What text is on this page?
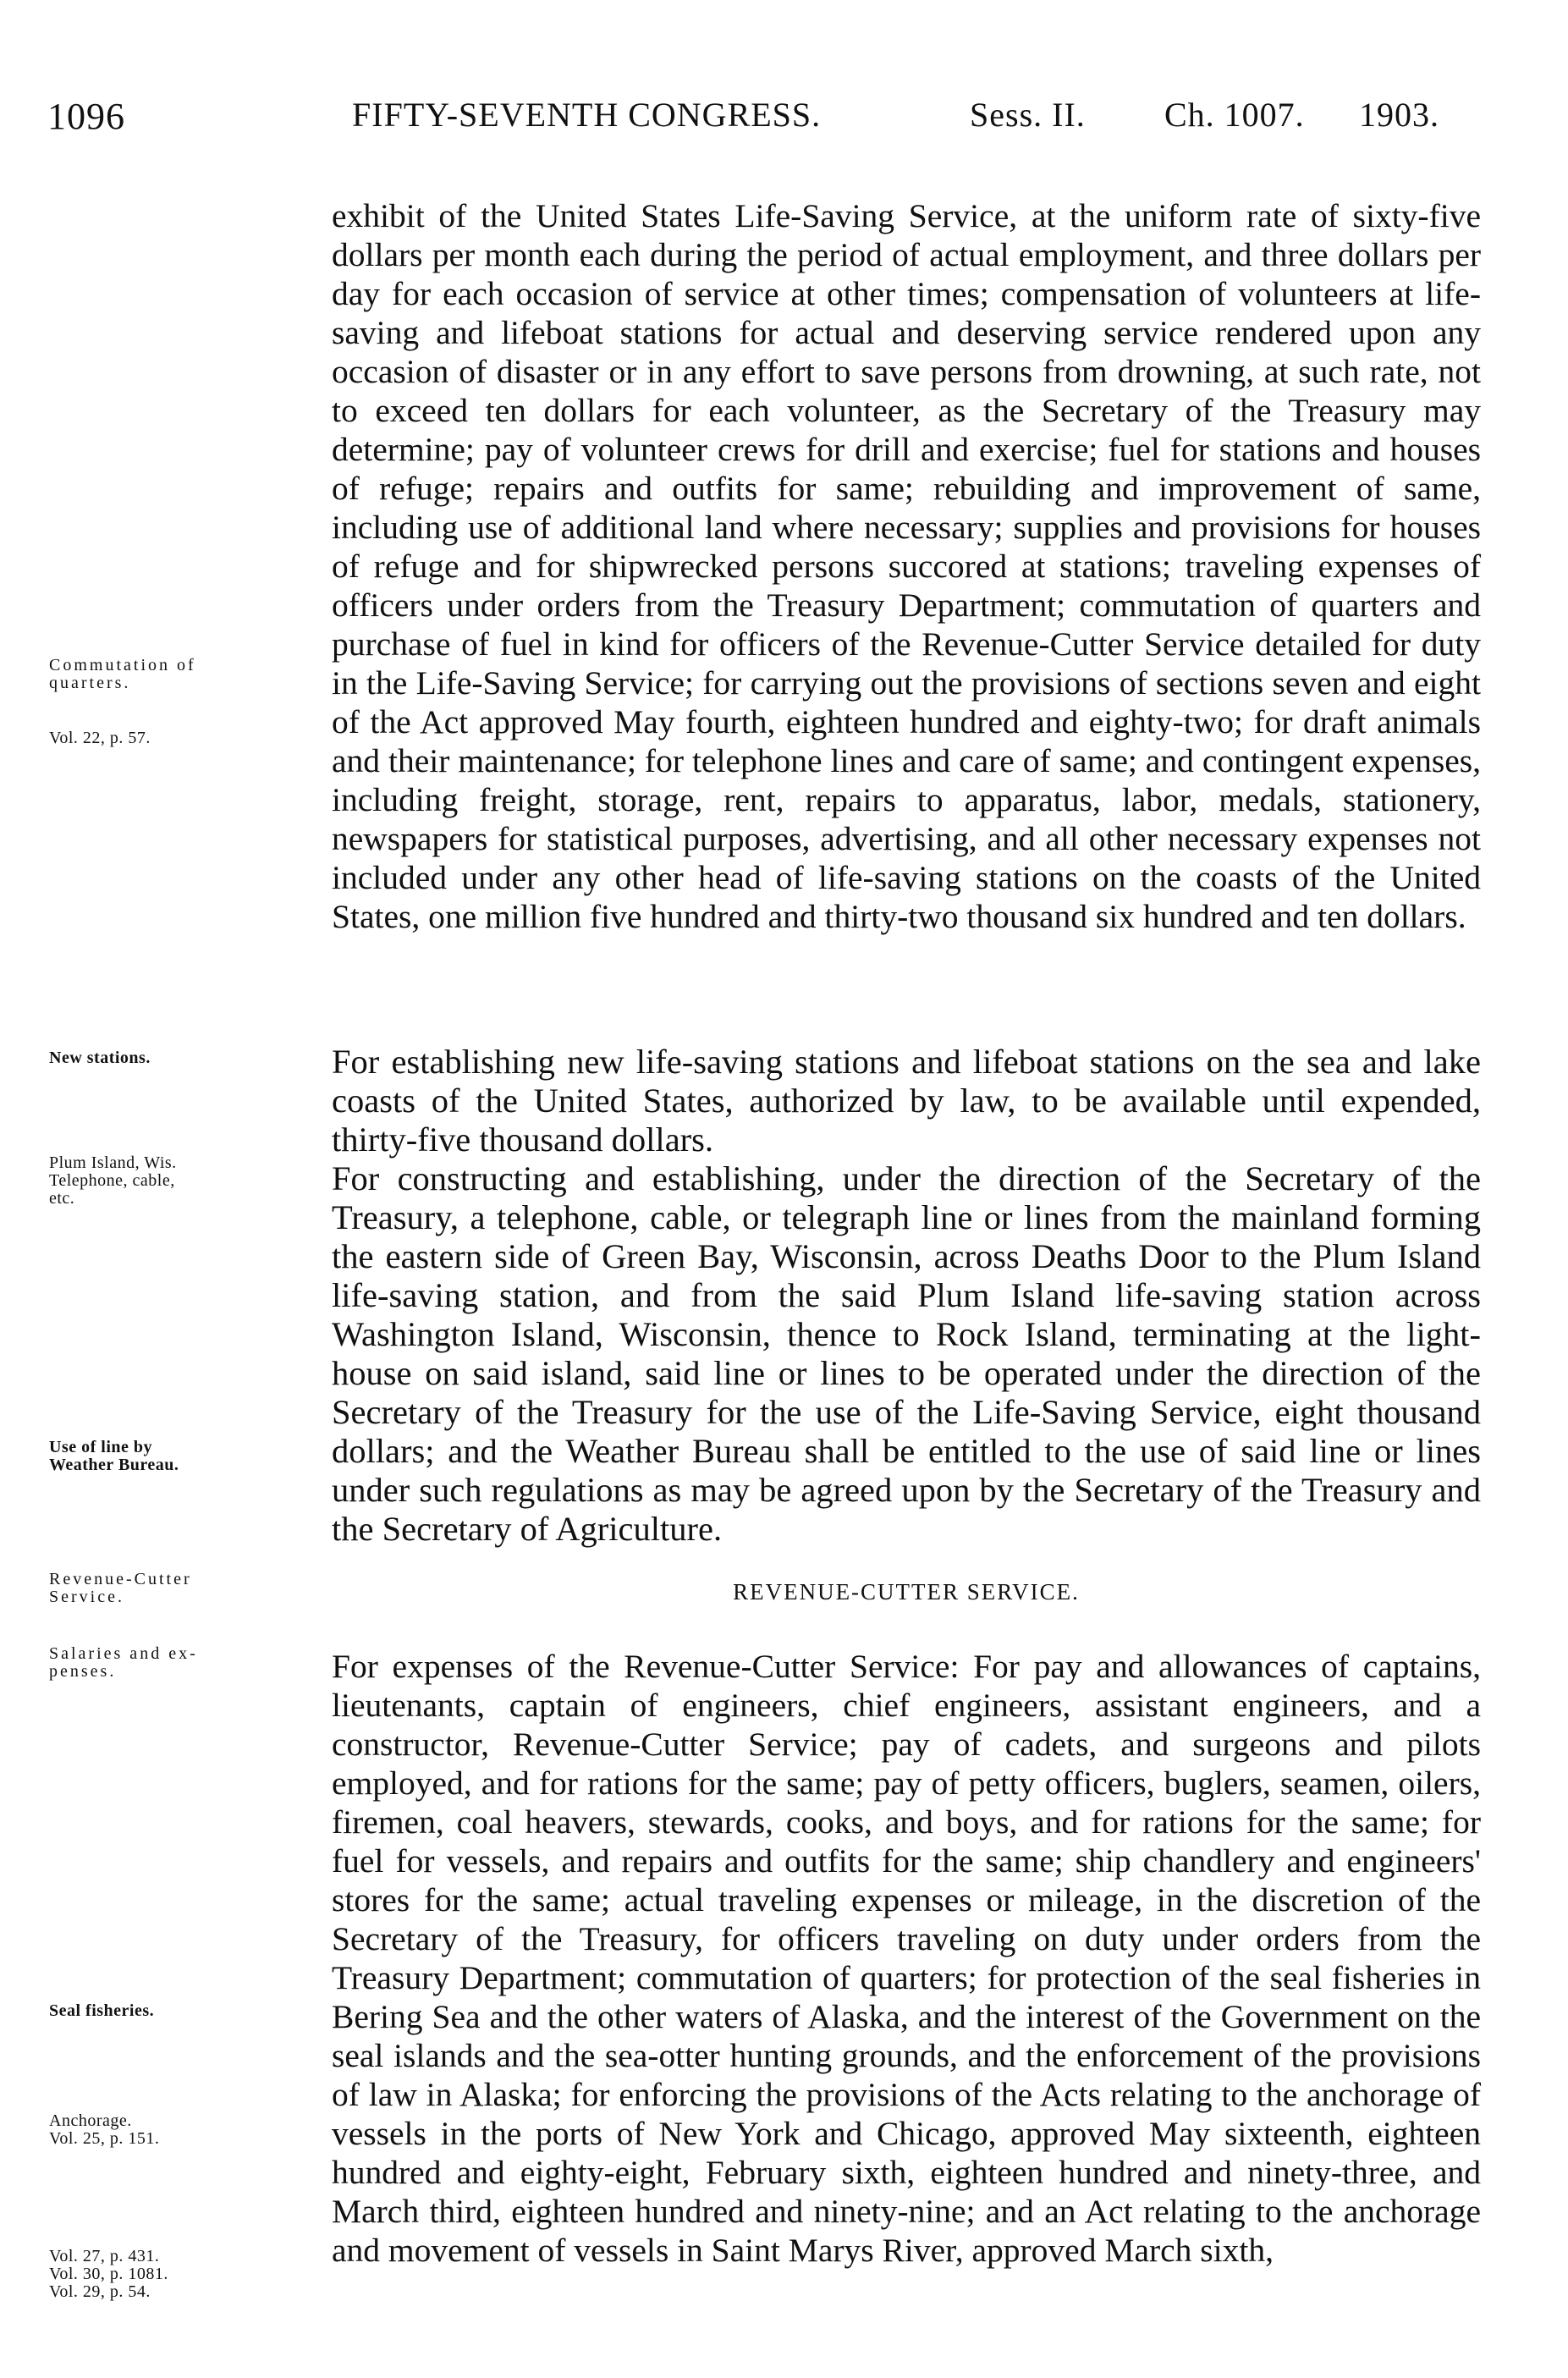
1096	FIFTY-SEVENTH CONGRESS.	Sess. II. Ch. 1007. 1903.
exhibit of the United States Life-Saving Service, at the uniform rate of sixty-five dollars per month each during the period of actual employment, and three dollars per day for each occasion of service at other times; compensation of volunteers at life-saving and lifeboat stations for actual and deserving service rendered upon any occasion of disaster or in any effort to save persons from drowning, at such rate, not to exceed ten dollars for each volunteer, as the Secretary of the Treasury may determine; pay of volunteer crews for drill and exercise; fuel for stations and houses of refuge; repairs and outfits for same; rebuilding and improvement of same, including use of additional land where necessary; supplies and provisions for houses of refuge and for shipwrecked persons succored at stations; traveling expenses of officers under orders from the Treasury Department; commutation of quarters and purchase of fuel in kind for officers of the Revenue-Cutter Service detailed for duty in the Life-Saving Service; for carrying out the provisions of sections seven and eight of the Act approved May fourth, eighteen hundred and eighty-two; for draft animals and their maintenance; for telephone lines and care of same; and contingent expenses, including freight, storage, rent, repairs to apparatus, labor, medals, stationery, newspapers for statistical purposes, advertising, and all other necessary expenses not included under any other head of life-saving stations on the coasts of the United States, one million five hundred and thirty-two thousand six hundred and ten dollars.
For establishing new life-saving stations and lifeboat stations on the sea and lake coasts of the United States, authorized by law, to be available until expended, thirty-five thousand dollars.
For constructing and establishing, under the direction of the Secretary of the Treasury, a telephone, cable, or telegraph line or lines from the mainland forming the eastern side of Green Bay, Wisconsin, across Deaths Door to the Plum Island life-saving station, and from the said Plum Island life-saving station across Washington Island, Wisconsin, thence to Rock Island, terminating at the light-house on said island, said line or lines to be operated under the direction of the Secretary of the Treasury for the use of the Life-Saving Service, eight thousand dollars; and the Weather Bureau shall be entitled to the use of said line or lines under such regulations as may be agreed upon by the Secretary of the Treasury and the Secretary of Agriculture.
REVENUE-CUTTER SERVICE.
For expenses of the Revenue-Cutter Service: For pay and allowances of captains, lieutenants, captain of engineers, chief engineers, assistant engineers, and a constructor, Revenue-Cutter Service; pay of cadets, and surgeons and pilots employed, and for rations for the same; pay of petty officers, buglers, seamen, oilers, firemen, coal heavers, stewards, cooks, and boys, and for rations for the same; for fuel for vessels, and repairs and outfits for the same; ship chandlery and engineers' stores for the same; actual traveling expenses or mileage, in the discretion of the Secretary of the Treasury, for officers traveling on duty under orders from the Treasury Department; commutation of quarters; for protection of the seal fisheries in Bering Sea and the other waters of Alaska, and the interest of the Government on the seal islands and the sea-otter hunting grounds, and the enforcement of the provisions of law in Alaska; for enforcing the provisions of the Acts relating to the anchorage of vessels in the ports of New York and Chicago, approved May sixteenth, eighteen hundred and eighty-eight, February sixth, eighteen hundred and ninety-three, and March third, eighteen hundred and ninety-nine; and an Act relating to the anchorage and movement of vessels in Saint Marys River, approved March sixth,
Commutation of
quarters.
Vol. 22, p. 57.
New stations.
Plum Island, Wis.
Telephone, cable,
etc.
Use of line by
Weather Bureau.
Revenue-Cutter
Service.
Salaries and ex-
penses.
Seal fisheries.
Anchorage.
Vol. 25, p. 151.
Vol. 27, p. 431.
Vol. 30, p. 1081.
Vol. 29, p. 54.
